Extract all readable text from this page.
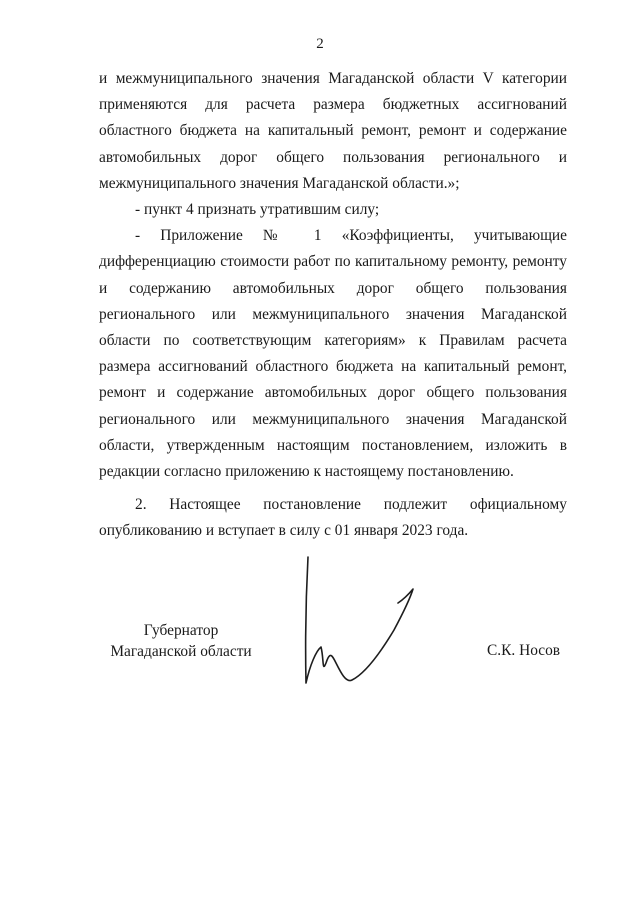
2

и межмуниципального значения Магаданской области V категории применяются для расчета размера бюджетных ассигнований областного бюджета на капитальный ремонт, ремонт и содержание автомобильных дорог общего пользования регионального и межмуниципального значения Магаданской области.»;

- пункт 4 признать утратившим силу;

- Приложение № 1 «Коэффициенты, учитывающие дифференциацию стоимости работ по капитальному ремонту, ремонту и содержанию автомобильных дорог общего пользования регионального или межмуниципального значения Магаданской области по соответствующим категориям» к Правилам расчета размера ассигнований областного бюджета на капитальный ремонт, ремонт и содержание автомобильных дорог общего пользования регионального или межмуниципального значения Магаданской области, утвержденным настоящим постановлением, изложить в редакции согласно приложению к настоящему постановлению.

2. Настоящее постановление подлежит официальному опубликованию и вступает в силу с 01 января 2023 года.

Губернатор
Магаданской области	С.К. Носов
